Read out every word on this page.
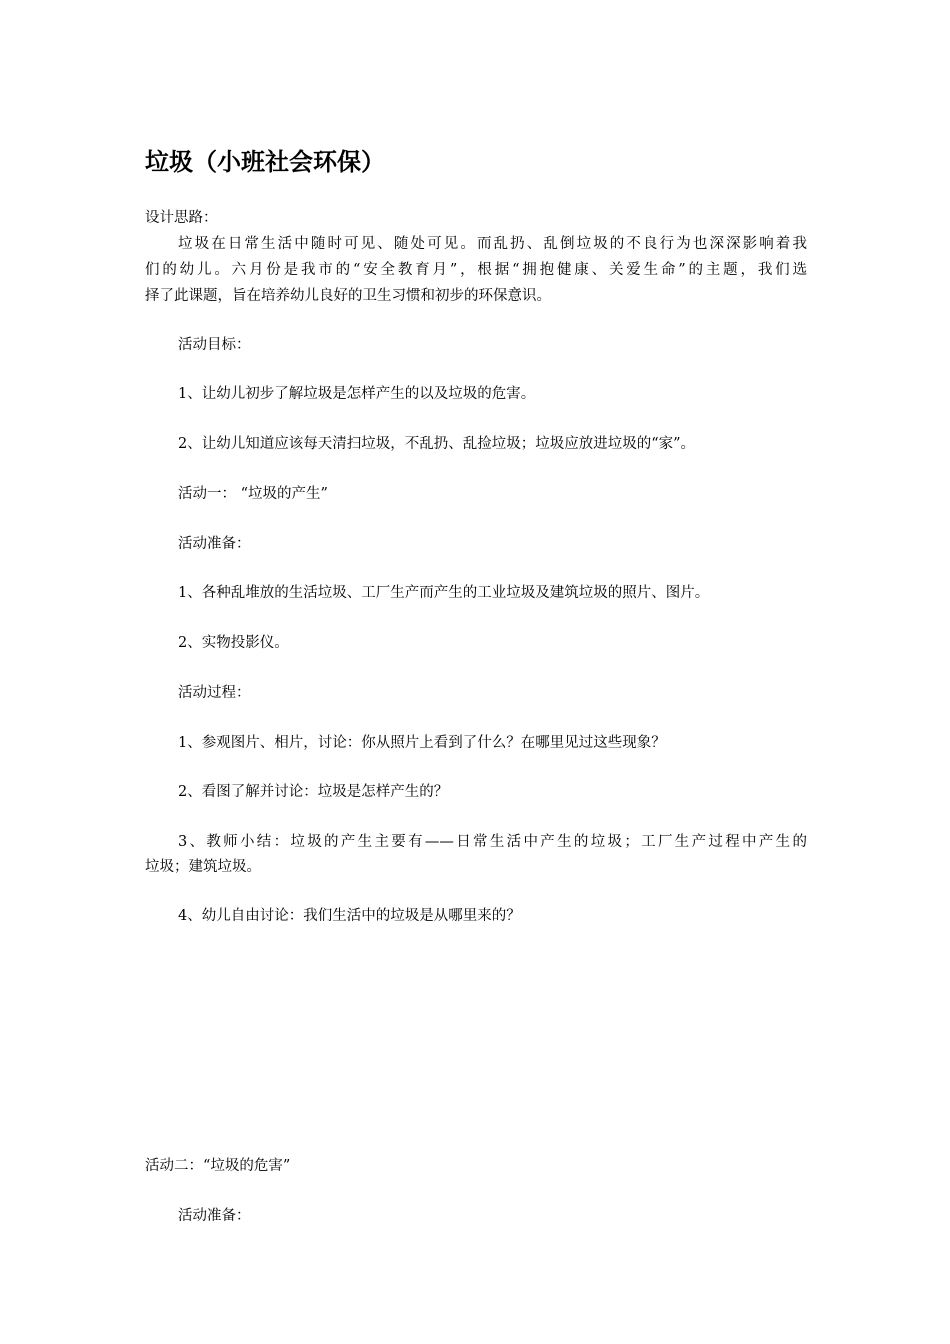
垃圾（小班社会环保）
设计思路：
垃圾在日常生活中随时可见、随处可见。而乱扔、乱倒垃圾的不良行为也深深影响着我
们的幼儿。六月份是我市的“安全教育月”，根据“拥抱健康、关爱生命”的主题，我们选
择了此课题，旨在培养幼儿良好的卫生习惯和初步的环保意识。
活动目标：
1、让幼儿初步了解垃圾是怎样产生的以及垃圾的危害。
2、让幼儿知道应该每天清扫垃圾，不乱扔、乱捡垃圾；垃圾应放进垃圾的“家”。
活动一： “垃圾的产生”
活动准备：
1、各种乱堆放的生活垃圾、工厂生产而产生的工业垃圾及建筑垃圾的照片、图片。
2、实物投影仪。
活动过程：
1、参观图片、相片，讨论：你从照片上看到了什么？在哪里见过这些现象？
2、看图了解并讨论：垃圾是怎样产生的？
3、教师小结：垃圾的产生主要有——日常生活中产生的垃圾；工厂生产过程中产生的
垃圾；建筑垃圾。
4、幼儿自由讨论：我们生活中的垃圾是从哪里来的？
活动二：“垃圾的危害”
活动准备：
